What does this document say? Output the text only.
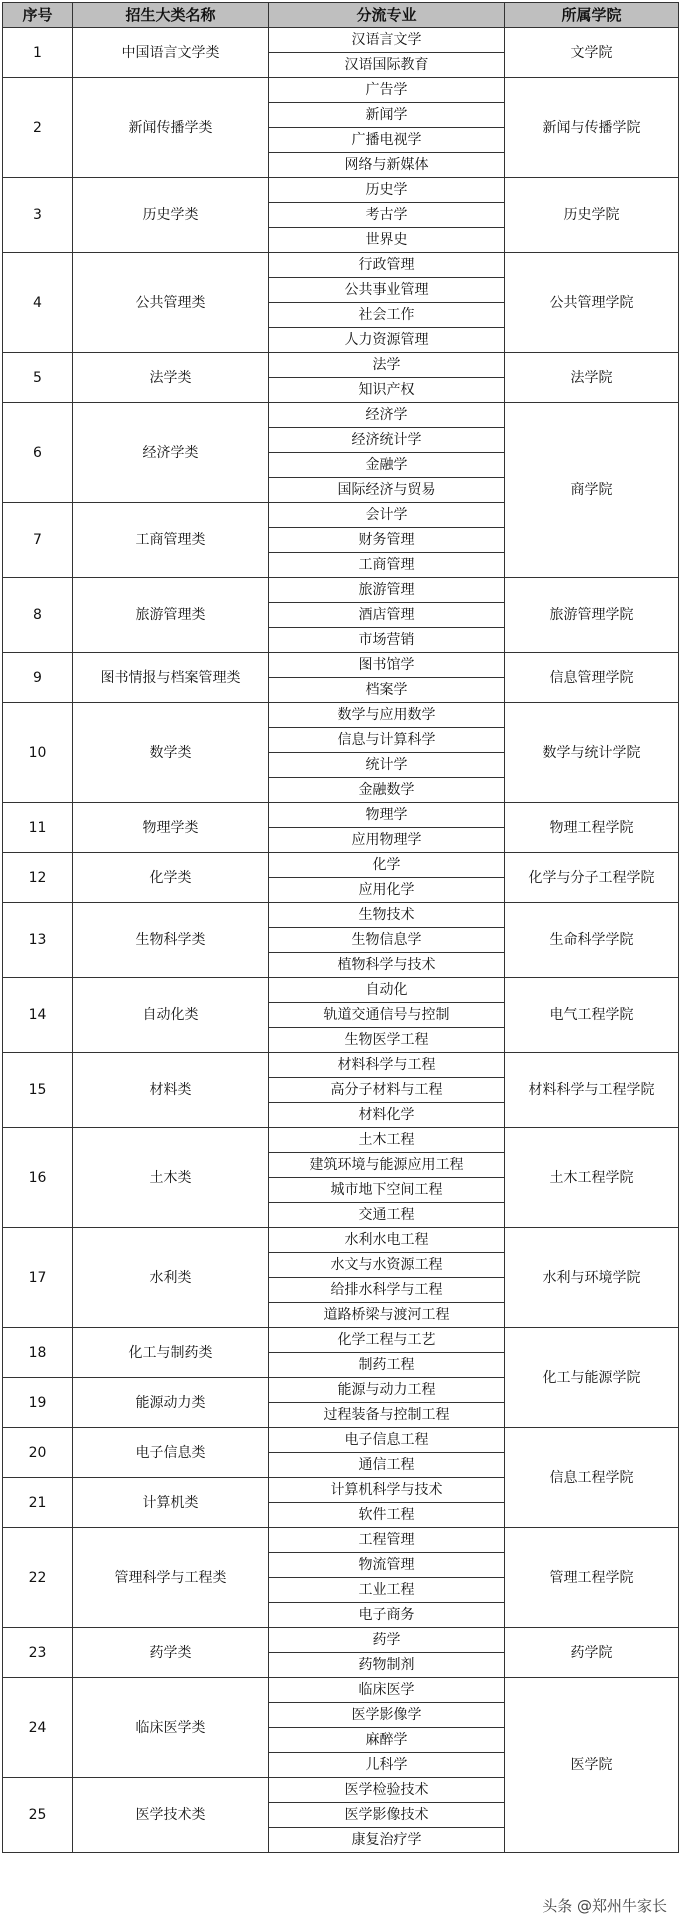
序号	招生大类名称	分流专业	所属学院
1	中国语言文学类	汉语言文学	文学院
		汉语国际教育	
2	新闻传播学类	广告学	新闻与传播学院
		新闻学	
		广播电视学	
		网络与新媒体	
3	历史学类	历史学	历史学院
		考古学	
		世界史	
4	公共管理类	行政管理	公共管理学院
		公共事业管理	
		社会工作	
		人力资源管理	
5	法学类	法学	法学院
		知识产权	
6	经济学类	经济学	商学院
		经济统计学	
		金融学	
		国际经济与贸易	
7	工商管理类	会计学	
		财务管理	
		工商管理	
8	旅游管理类	旅游管理	旅游管理学院
		酒店管理	
		市场营销	
9	图书情报与档案管理类	图书馆学	信息管理学院
		档案学	
10	数学类	数学与应用数学	数学与统计学院
		信息与计算科学	
		统计学	
		金融数学	
11	物理学类	物理学	物理工程学院
		应用物理学	
12	化学类	化学	化学与分子工程学院
		应用化学	
13	生物科学类	生物技术	生命科学学院
		生物信息学	
		植物科学与技术	
14	自动化类	自动化	电气工程学院
		轨道交通信号与控制	
		生物医学工程	
15	材料类	材料科学与工程	材料科学与工程学院
		高分子材料与工程	
		材料化学	
16	土木类	土木工程	土木工程学院
		建筑环境与能源应用工程	
		城市地下空间工程	
		交通工程	
17	水利类	水利水电工程	水利与环境学院
		水文与水资源工程	
		给排水科学与工程	
		道路桥梁与渡河工程	
18	化工与制药类	化学工程与工艺	化工与能源学院
		制药工程	
19	能源动力类	能源与动力工程	
		过程装备与控制工程	
20	电子信息类	电子信息工程	信息工程学院
		通信工程	
21	计算机类	计算机科学与技术	
		软件工程	
22	管理科学与工程类	工程管理	管理工程学院
		物流管理	
		工业工程	
		电子商务	
23	药学类	药学	药学院
		药物制剂	
24	临床医学类	临床医学	医学院
		医学影像学	
		麻醉学	
		儿科学	
25	医学技术类	医学检验技术	
		医学影像技术	
		康复治疗学	
头条 @郑州牛家长
